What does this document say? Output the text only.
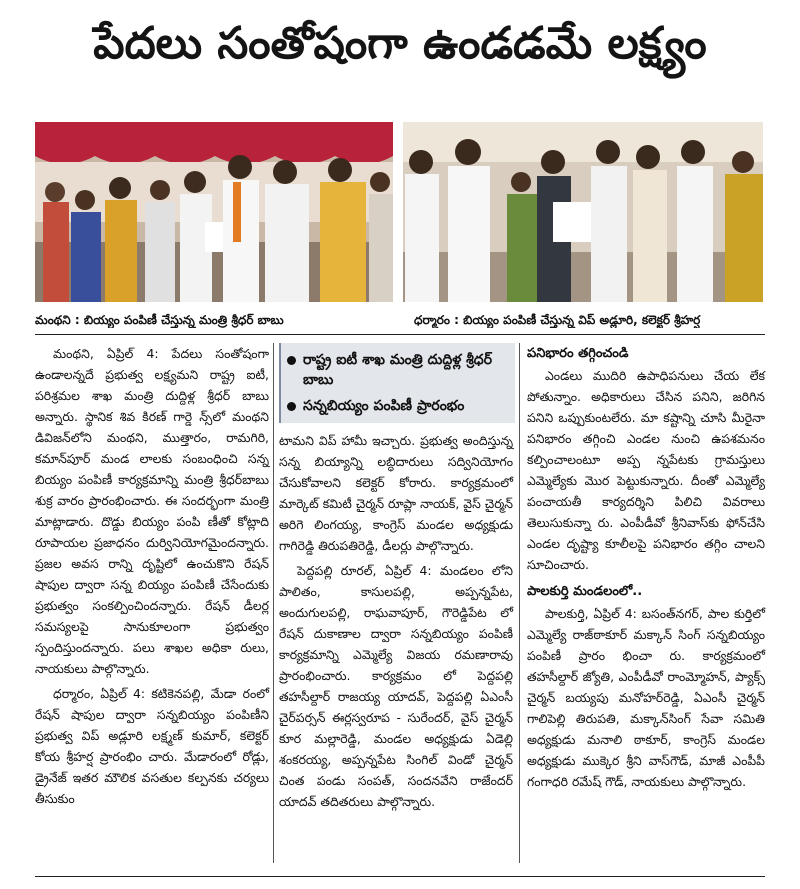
పేదలు సంతోషంగా ఉండడమే లక్ష్యం
మంథని : బియ్యం పంపిణీ చేస్తున్న మంత్రి శ్రీధర్ బాబు	ధర్మారం : బియ్యం పంపిణీ చేస్తున్న విప్ అడ్లూరి, కలెక్టర్ శ్రీహర్ష

మంథని, ఏప్రిల్ 4: పేదలు సంతోషంగా ఉండాలన్నదే ప్రభుత్వ లక్ష్యమని రాష్ట్ర ఐటీ, పరిశ్రమల శాఖ మంత్రి దుద్దిళ్ల శ్రీధర్ బాబు అన్నారు. స్థానిక శివ కిరణ్ గార్డె న్స్‌లో మంథని డివిజన్‌లోని మంథని, ముత్తారం, రామగిరి, కమాన్‌పూర్ మండ లాలకు సంబంధించి సన్న బియ్యం పంపిణీ కార్యక్రమాన్ని మంత్రి శ్రీధర్‌బాబు శుక్ర వారం ప్రారంభించారు. ఈ సందర్భంగా మంత్రి మాట్లాడారు. దొడ్డు బియ్యం పంపి ణీతో కోట్లాది రూపాయల ప్రజాధనం దుర్వినియోగమైందన్నారు. ప్రజల అవస రాన్ని దృష్టిలో ఉంచుకొని రేషన్ షాపుల ద్వారా సన్న బియ్యం పంపిణీ చేసేందుకు ప్రభుత్వం సంకల్పించిందన్నారు. రేషన్ డీలర్ల సమస్యలపై సానుకూలంగా ప్రభుత్వం స్పందిస్తుందన్నారు. పలు శాఖల అధికా రులు, నాయకులు పాల్గొన్నారు.

ధర్మారం, ఏప్రిల్ 4: కటికెనపల్లి, మేడా రంలో రేషన్ షాపుల ద్వారా సన్నబియ్యం పంపిణీని ప్రభుత్వ విప్ అడ్లూరి లక్ష్మణ్ కుమార్, కలెక్టర్ కోయ శ్రీహర్ష ప్రారంభిం చారు. మేడారంలో రోడ్లు, డ్రైనేజ్ ఇతర మౌలిక వసతుల కల్పనకు చర్యలు తీసుకుం

రాష్ట్ర ఐటీ శాఖ మంత్రి దుద్దిళ్ల శ్రీధర్ బాబు
సన్నబియ్యం పంపిణీ ప్రారంభం

టామని విప్ హామీ ఇచ్చారు. ప్రభుత్వ అందిస్తున్న సన్న బియ్యాన్ని లబ్ధిదారులు సద్వినియోగం చేసుకోవాలని కలెక్టర్ కోరారు. కార్యక్రమంలో మార్కెట్ కమిటీ చైర్మన్ రూప్లా నాయక్, వైస్ చైర్మన్ అరిగె లింగయ్య, కాంగ్రెస్ మండల అధ్యక్షుడు గాగిరెడ్డి తిరుపతిరెడ్డి, డీలర్లు పాల్గొన్నారు.

పెద్దపల్లి రూరల్, ఏప్రిల్ 4: మండలం లోని పాలితం, కాసులపల్లి, అప్పన్నపేట, అందుగులపల్లి, రాఘవాపూర్, గౌరెడ్డిపేట లో రేషన్ దుకాణాల ద్వారా సన్నబియ్యం పంపిణీ కార్యక్రమాన్ని ఎమ్మెల్యే విజయ రమణారావు ప్రారంభించారు. కార్యక్రమం లో పెద్దపల్లి తహసీల్దార్ రాజయ్య యాదవ్, పెద్దపల్లి ఏఎంసీ చైర్‌పర్సన్ ఈర్లస్వరూప - సురేందర్, వైస్ చైర్మన్ కూర మల్లారెడ్డి, మండల అధ్యక్షుడు ఏడెల్లి శంకరయ్య, అప్పన్నపేట సింగిల్ విండో చైర్మన్ చింత పండు సంపత్, సందనవేని రాజేందర్ యాదవ్ తదితరులు పాల్గొన్నారు.

పనిభారం తగ్గించండి

ఎండలు ముదిరి ఉపాధిపనులు చేయ లేక పోతున్నాం. అధికారులు చేసిన పనిని, జరిగిన పనిని ఒప్పుకుంటలేరు. మా కష్టాన్ని చూసి మీరైనా పనిభారం తగ్గించి ఎండల నుంచి ఉపశమనం కల్పించాలంటూ అప్ప న్నపేటకు గ్రామస్తులు ఎమ్మెల్యేకు మొర పెట్టుకున్నారు. దీంతో ఎమ్మెల్యే పంచాయతీ కార్యదర్శిని పిలిచి వివరాలు తెలుసుకున్నా రు. ఎంపీడీవో శ్రీనివాస్‌కు ఫోన్‌చేసి ఎండల దృష్ట్యా కూలీలపై పనిభారం తగ్గిం చాలని సూచించారు.

పాలకుర్తి మండలంలో..

పాలకుర్తి, ఏప్రిల్ 4: బసంత్‌నగర్, పాల కుర్తిలో ఎమ్మెల్యే రాజ్‌ఠాకూర్ మక్కాన్ సింగ్ సన్నబియ్యం పంపిణీ ప్రారం భించా రు. కార్యక్రమంలో తహసీల్దార్ జ్యోతి, ఎంపీడీవో రాంమ్మోహన్, ప్యాక్స్ చైర్మన్ బయ్యపు మనోహర్‌రెడ్డి, ఏఎంసీ చైర్మన్ గాలిపెల్లి తిరుపతి, మక్కాన్‌సింగ్ సేవా సమితి అధ్యక్షుడు మనాలి ఠాకూర్, కాంగ్రెస్ మండల అధ్యక్షుడు ముక్కెర శ్రీని వాస్‌గౌడ్, మాజీ ఎంపీపీ గంగాధరి రమేష్ గౌడ్, నాయకులు పాల్గొన్నారు.
